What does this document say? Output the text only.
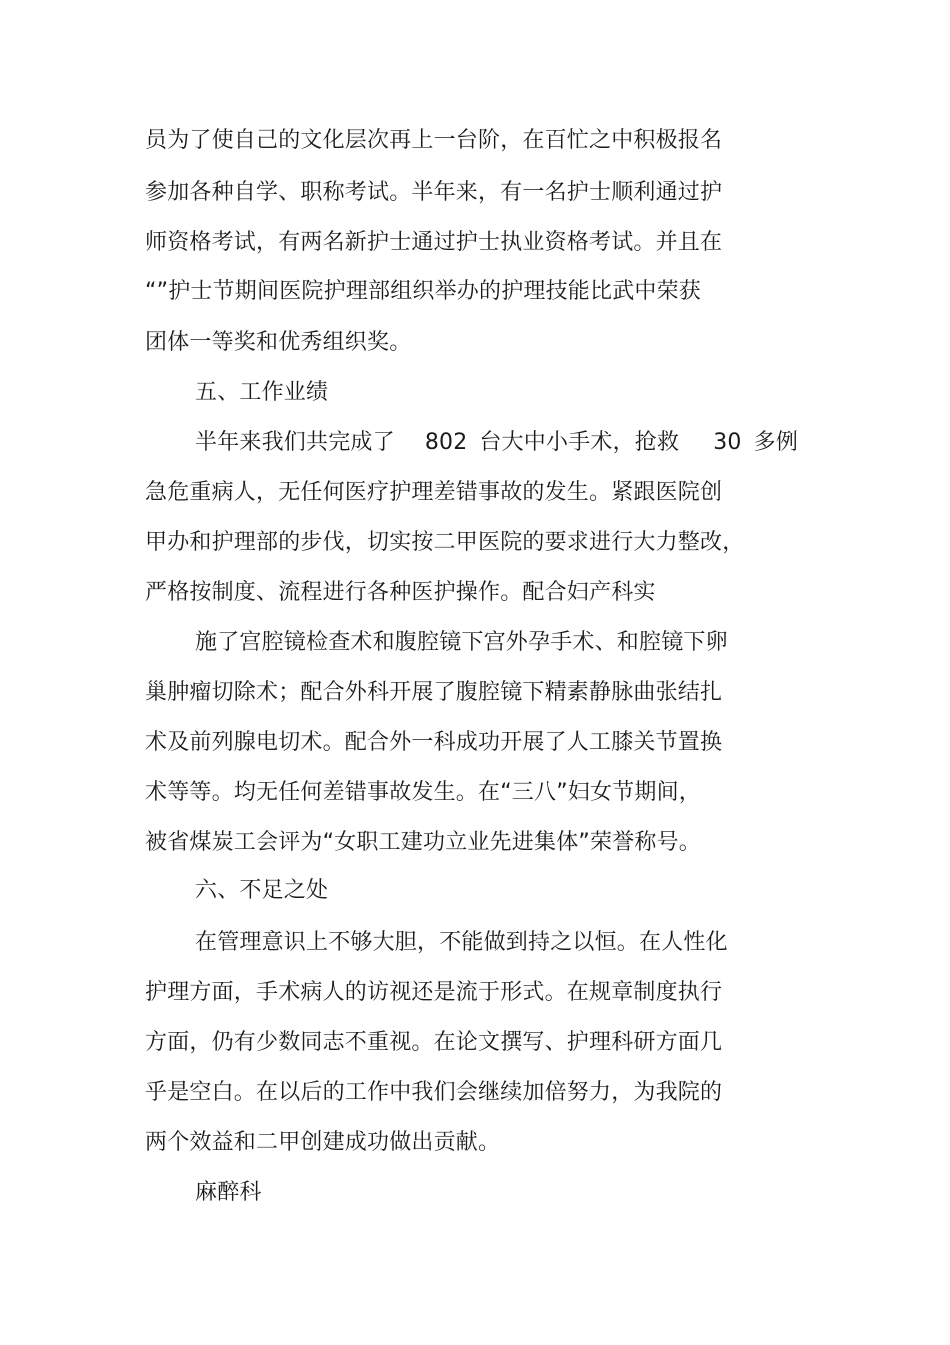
员为了使自己的文化层次再上一台阶，在百忙之中积极报名
参加各种自学、职称考试。半年来，有一名护士顺利通过护
师资格考试，有两名新护士通过护士执业资格考试。并且在
“”护士节期间医院护理部组织举办的护理技能比武中荣获
团体一等奖和优秀组织奖。
五、工作业绩
半年来我们共完成了 802 台大中小手术，抢救 30 多例
急危重病人，无任何医疗护理差错事故的发生。紧跟医院创
甲办和护理部的步伐，切实按二甲医院的要求进行大力整改，
严格按制度、流程进行各种医护操作。配合妇产科实
施了宫腔镜检查术和腹腔镜下宫外孕手术、和腔镜下卵
巢肿瘤切除术；配合外科开展了腹腔镜下精素静脉曲张结扎
术及前列腺电切术。配合外一科成功开展了人工膝关节置换
术等等。均无任何差错事故发生。在“三八”妇女节期间，
被省煤炭工会评为“女职工建功立业先进集体”荣誉称号。
六、不足之处
在管理意识上不够大胆，不能做到持之以恒。在人性化
护理方面，手术病人的访视还是流于形式。在规章制度执行
方面，仍有少数同志不重视。在论文撰写、护理科研方面几
乎是空白。在以后的工作中我们会继续加倍努力，为我院的
两个效益和二甲创建成功做出贡献。
麻醉科
